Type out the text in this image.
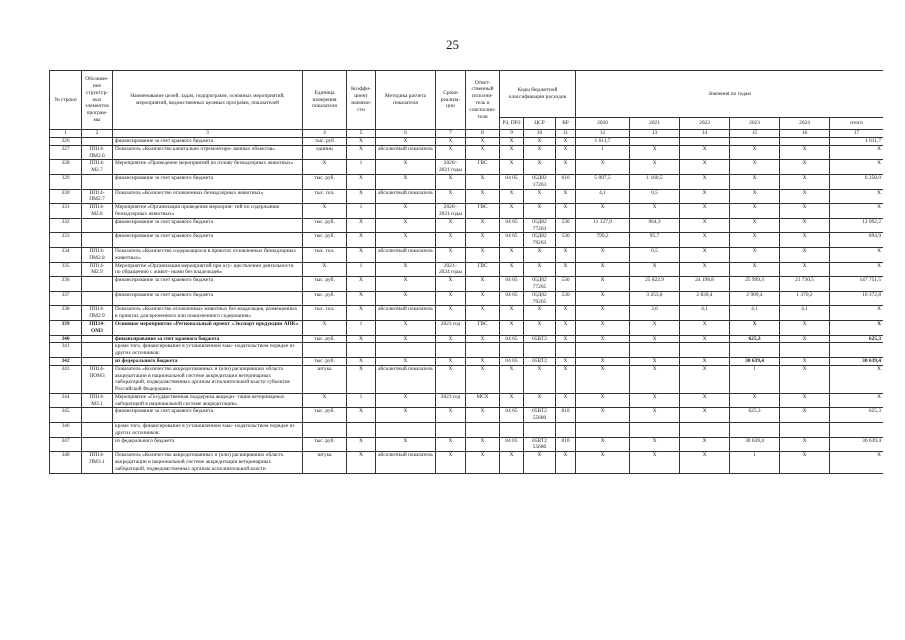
25
№ строки	Обозначе- ние структур- ных элементов програм- мы	Наименование целей, задач, подпрограмм, основных мероприятий, мероприятий, ведомственных целевых программ, показателей	Единица измерения показателя	Коэффи- циент значимо- сти	Методика расчета показателя	Сроки реализа- ции	Ответ- ственный исполни- тель и соисполни- тели	Коды бюджетной классификации расходов			Значения по годам					
								РЗ, ПРЗ	ЦСР	ВР	2020	2021	2022	2023	2024	итого
1	2	3	4	5	6	7	8	9	10	11	12	13	14	15	16	17
326		финансирование за счет краевого бюджета	тыс. руб	X	X	X	X	X	X	X	1 611,7					1 611,7
327	ПП14- ПМ2.6	Показатель «Количество капитально отремонтиро- ванных объектов»	единиц	X	абсолютный показатель	X	X	X	X	X	1	X	X	X	X	X
328	ПП14- М2.7	Мероприятие «Проведение мероприятий по отлову безнадзорных животных»	X	1	X	2020– 2021 годы	ГВС	X	X	X	X	X	X	X	X	X
329		финансирование за счет краевого бюджета	тыс. руб.	X	X	X	X	04 05	05Д02 17263	610	5 097,5	1 160,5	X	X	X	6 258,0
330	ПП14- ПМ2.7	Показатель «Количество отловленных безнадзорных животных»	тыс. гол.	X	абсолютный показатель	X	X	X	X	X	4,1	0,5	X	X	X	X
331	ПП14- М2.8	Мероприятие «Организация проведения мероприя- тий по содержанию безнадзорных животных»	X	1	X	2020– 2021 годы	ГВС	X	X	X	X	X	X	X	X	X
332		финансирование за счет краевого бюджета	тыс. руб.	X	X	X	X	04 05	05Д02 77263	530	11 127,9	964,3	X	X	X	12 092,2
333		финансирование за счет краевого бюджета	тыс. руб.	X	X	X	X	04 05	05Д02 79263	530	799,2	95,7	X	X	X	894,9
334	ПП14- ПМ2.8	Показатель «Количество содержащихся в приютах отловленных безнадзорных животных»	тыс. гол.	X	абсолютный показатель	X	X	X	X	X	X	0,5	X	X	X	X
335	ПП14- М2.9	Мероприятие «Организация мероприятий при осу- ществлении деятельности по обращению с живот- ными без владельцев»	X	1	X	2021– 2024 годы	ГВС	X	X	X	X	X	X	X	X	X
336		финансирование за счет краевого бюджета	тыс. руб.	X	X	X	X	04 05	05Д02 77265	530	X	25 822,9	24 198,8	25 999,3	21 730,5	147 751,5
337		финансирование за счет краевого бюджета	тыс. руб.	X	X	X	X	04 05	05Д02 79265	530	X	3 253,8	2 839,4	2 909,4	1 370,2	10 372,8
338	ПП14- ПМ2.9	Показатель «Количество отловленных животных без владельцев, размещенных в приютах для временного или пожизненного содержания»	тыс. гол.	X	абсолютный показатель	X	X	X	X	X	X	3,6	4,1	4,1	4,1	X
339	ПП14- ОМ3	Основное мероприятие «Региональный проект «Экспорт продукции АПК»	X	1	X	2023 год	ГВС	X	X	X	X	X	X	X	X	X
340		финансирование за счет краевого бюджета	тыс. руб.	X	X	X	X	04 05	05ВТ2	X	X	X	X	625,3	X	625,3
341		кроме того, финансирование в установленном зако- нодательством порядке из других источников:														
342		из федерального бюджета	тыс. руб.	X	X	X	X	04 05	05ВТ2	X	X	X	X	30 639,4	X	30 639,4
343	ПП14- ПОМ3	Показатель «Количество аккредитованных и (или) расширивших область аккредитации в национальной системе аккредитации ветеринарных лабораторий, подведомственных органам исполнительной власти субъектов Российской Федерации»	штука	X	абсолютный показатель	X	X	X	X	X	X	X	X	1	X	X
344	ПП14- М3.1	Мероприятие «Государственная поддержка аккреди- тации ветеринарных лабораторий в национальной системе аккредитации»	X	1	X	2023 год	МСХ	X	X	X	X	X	X	X	X	X
345		финансирование за счет краевого бюджета	тыс. руб.	X	X	X	X	04 05	05ВТ2 55680	810	X	X	X	625,3	X	625,3
346		кроме того, финансирование в установленном зако- нодательством порядке из других источников:														
347		из федерального бюджета	тыс. руб.	X	X	X	X	04 05	05ВТ2 55680	810	X	X	X	30 639,4	X	30 639,4
348	ПП14- ПМ3.1	Показатель «Количество аккредитованных и (или) расширивших область аккредитации в национальной системе аккредитации ветеринарных лабораторий, подведомственных органам исполнительной власти	штука	X	абсолютный показатель	X	X	X	X	X	X	X	X	1	X	X
